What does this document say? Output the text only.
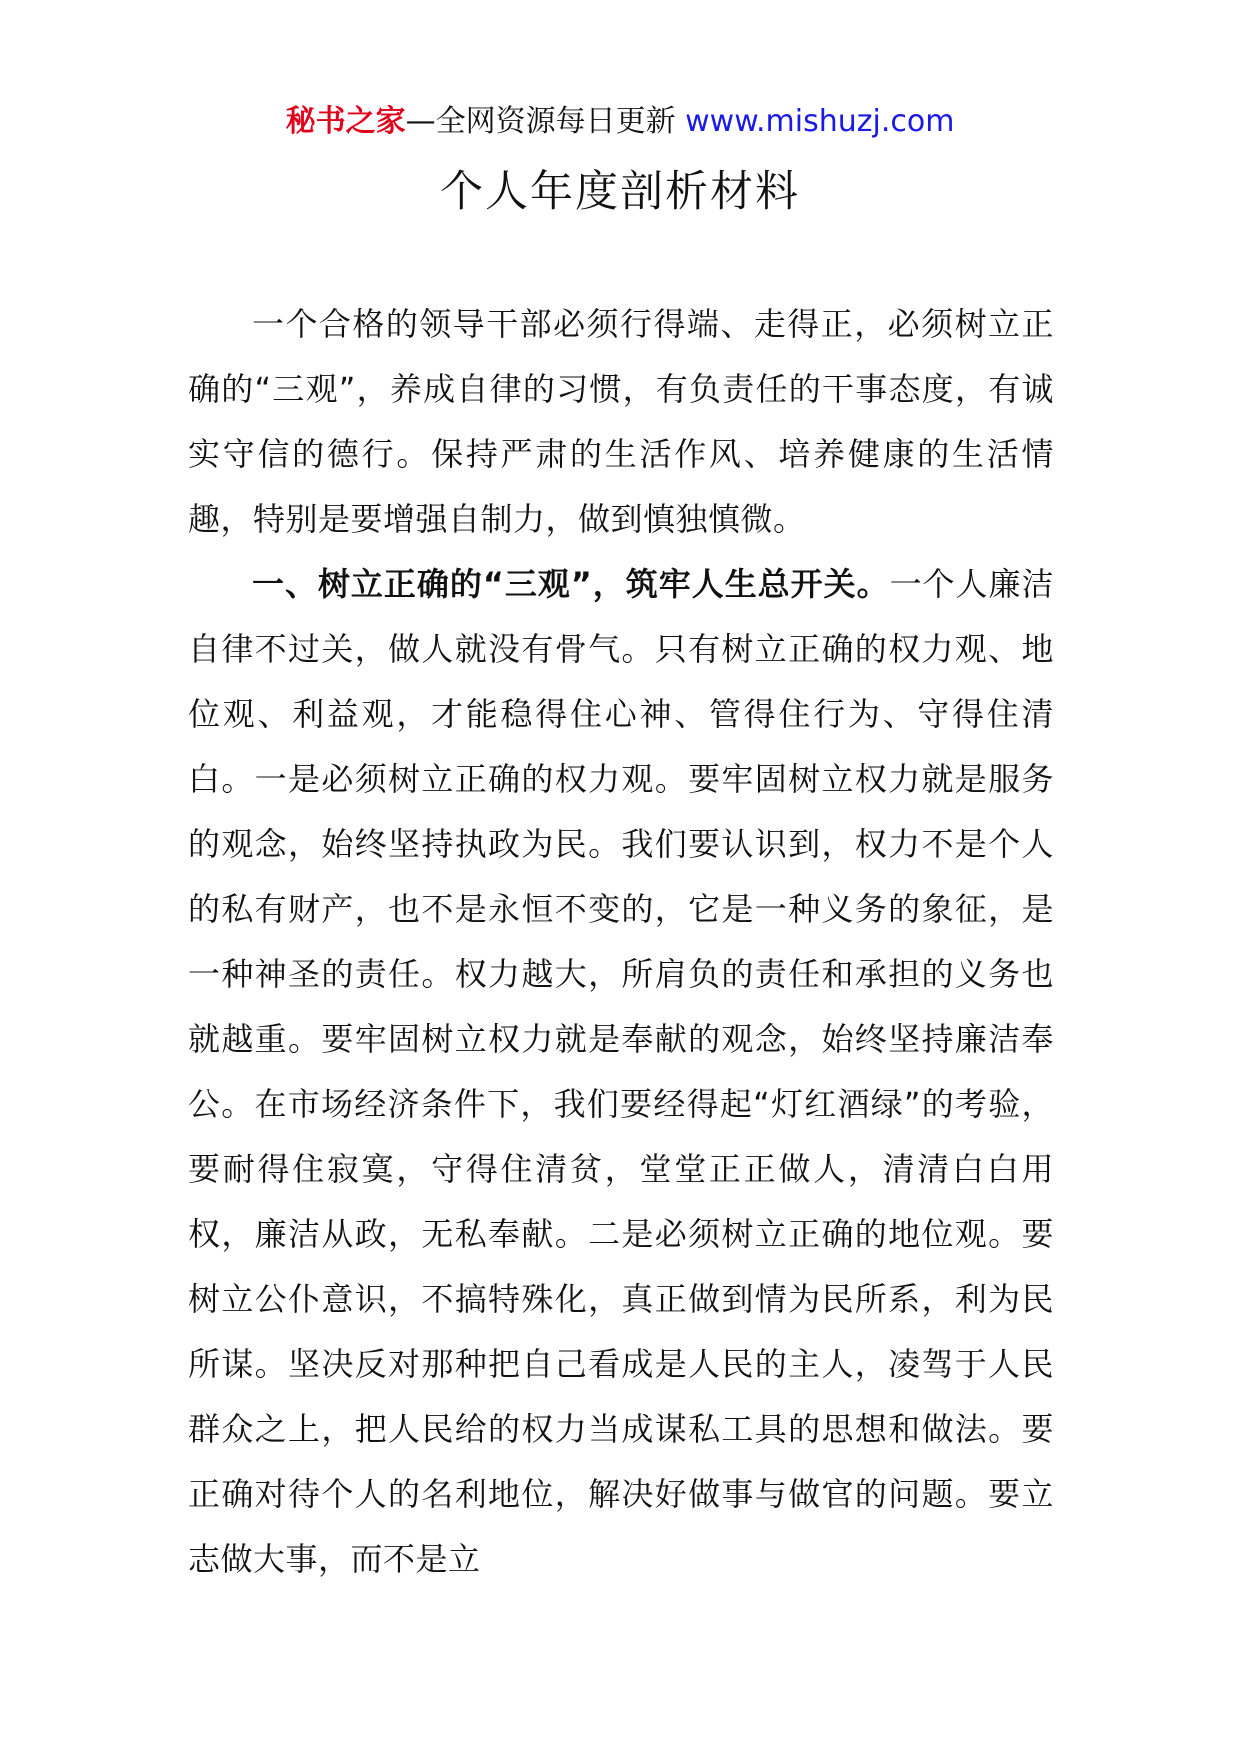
秘书之家—全网资源每日更新 www.mishuzj.com
个人年度剖析材料

一个合格的领导干部必须行得端、走得正，必须树立正确的“三观”，养成自律的习惯，有负责任的干事态度，有诚实守信的德行。保持严肃的生活作风、培养健康的生活情趣，特别是要增强自制力，做到慎独慎微。

一、树立正确的“三观”，筑牢人生总开关。一个人廉洁自律不过关，做人就没有骨气。只有树立正确的权力观、地位观、利益观，才能稳得住心神、管得住行为、守得住清白。一是必须树立正确的权力观。要牢固树立权力就是服务的观念，始终坚持执政为民。我们要认识到，权力不是个人的私有财产，也不是永恒不变的，它是一种义务的象征，是一种神圣的责任。权力越大，所肩负的责任和承担的义务也就越重。要牢固树立权力就是奉献的观念，始终坚持廉洁奉公。在市场经济条件下，我们要经得起“灯红酒绿”的考验，要耐得住寂寞，守得住清贫，堂堂正正做人，清清白白用权，廉洁从政，无私奉献。二是必须树立正确的地位观。要树立公仆意识，不搞特殊化，真正做到情为民所系，利为民所谋。坚决反对那种把自己看成是人民的主人，凌驾于人民群众之上，把人民给的权力当成谋私工具的思想和做法。要正确对待个人的名利地位，解决好做事与做官的问题。要立志做大事，而不是立
